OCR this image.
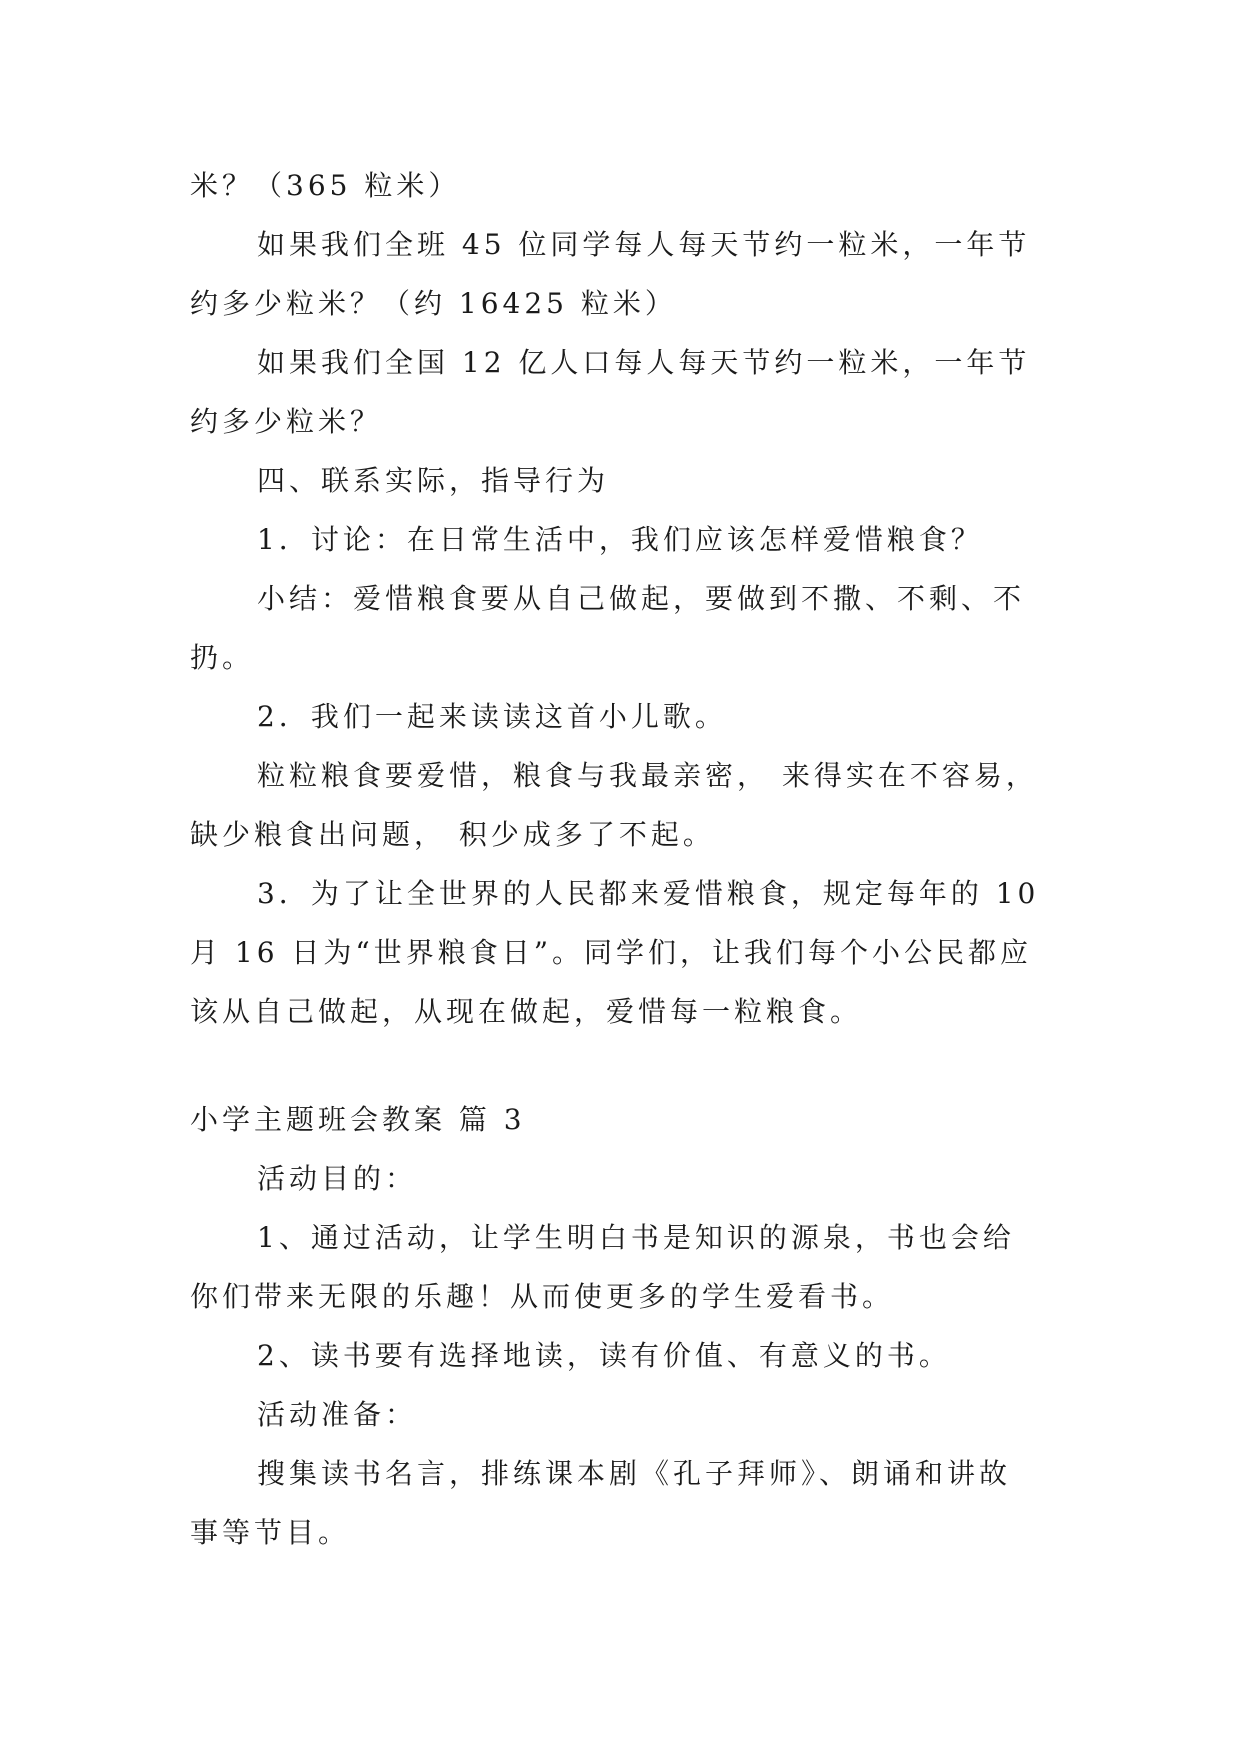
米？（365 粒米）
如果我们全班 45 位同学每人每天节约一粒米，一年节
约多少粒米？（约 16425 粒米）
如果我们全国 12 亿人口每人每天节约一粒米，一年节
约多少粒米？
四、联系实际，指导行为
1．讨论：在日常生活中，我们应该怎样爱惜粮食？
小结：爱惜粮食要从自己做起，要做到不撒、不剩、不
扔。
2．我们一起来读读这首小儿歌。
粒粒粮食要爱惜，粮食与我最亲密， 来得实在不容易，
缺少粮食出问题， 积少成多了不起。
3．为了让全世界的人民都来爱惜粮食，规定每年的 10
月 16 日为“世界粮食日”。同学们，让我们每个小公民都应
该从自己做起，从现在做起，爱惜每一粒粮食。
小学主题班会教案 篇 3
活动目的：
1、通过活动，让学生明白书是知识的源泉，书也会给
你们带来无限的乐趣！从而使更多的学生爱看书。
2、读书要有选择地读，读有价值、有意义的书。
活动准备：
搜集读书名言，排练课本剧《孔子拜师》、朗诵和讲故
事等节目。
